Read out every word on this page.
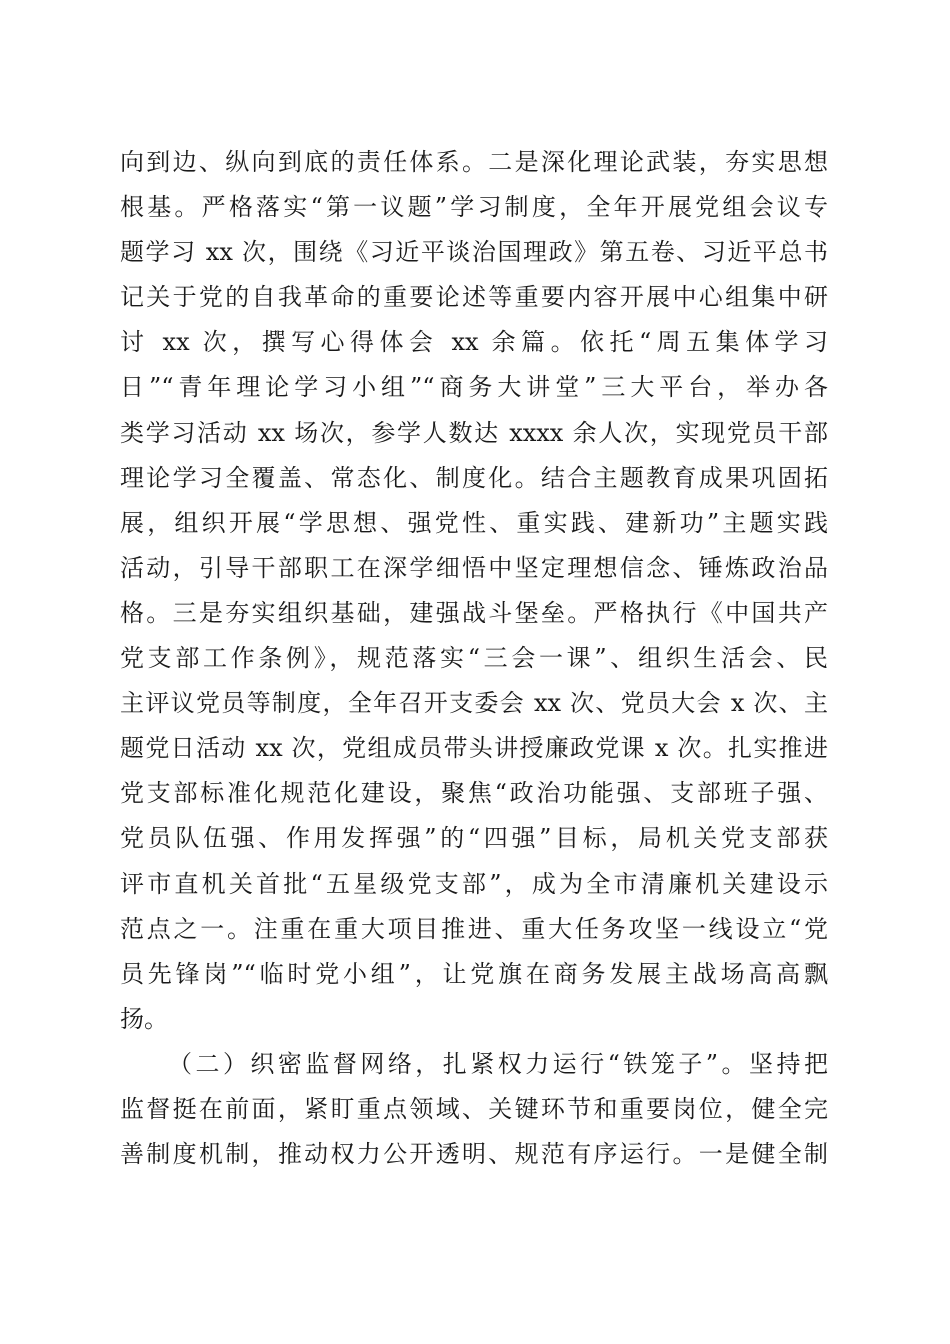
向到边、纵向到底的责任体系。二是深化理论武装，夯实思想
根基。严格落实“第一议题”学习制度，全年开展党组会议专
题学习 xx 次，围绕《习近平谈治国理政》第五卷、习近平总书
记关于党的自我革命的重要论述等重要内容开展中心组集中研
讨 xx 次，撰写心得体会 xx 余篇。依托“周五集体学习
日”“青年理论学习小组”“商务大讲堂”三大平台，举办各
类学习活动 xx 场次，参学人数达 xxxx 余人次，实现党员干部
理论学习全覆盖、常态化、制度化。结合主题教育成果巩固拓
展，组织开展“学思想、强党性、重实践、建新功”主题实践
活动，引导干部职工在深学细悟中坚定理想信念、锤炼政治品
格。三是夯实组织基础，建强战斗堡垒。严格执行《中国共产
党支部工作条例》，规范落实“三会一课”、组织生活会、民
主评议党员等制度，全年召开支委会 xx 次、党员大会 x 次、主
题党日活动 xx 次，党组成员带头讲授廉政党课 x 次。扎实推进
党支部标准化规范化建设，聚焦“政治功能强、支部班子强、
党员队伍强、作用发挥强”的“四强”目标，局机关党支部获
评市直机关首批“五星级党支部”，成为全市清廉机关建设示
范点之一。注重在重大项目推进、重大任务攻坚一线设立“党
员先锋岗”“临时党小组”，让党旗在商务发展主战场高高飘
扬。

（二）织密监督网络，扎紧权力运行“铁笼子”。坚持把
监督挺在前面，紧盯重点领域、关键环节和重要岗位，健全完
善制度机制，推动权力公开透明、规范有序运行。一是健全制
